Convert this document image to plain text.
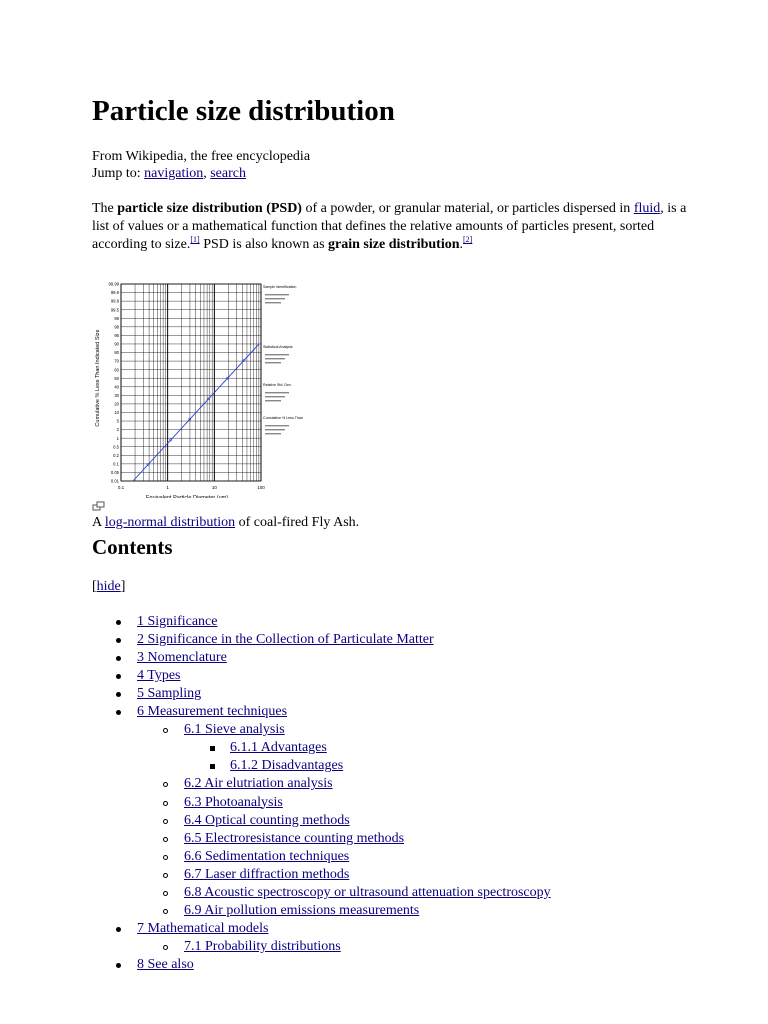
Particle size distribution
From Wikipedia, the free encyclopedia
Jump to: navigation, search
The particle size distribution (PSD) of a powder, or granular material, or particles dispersed in fluid, is a list of values or a mathematical function that defines the relative amounts of particles present, sorted according to size.[1] PSD is also known as grain size distribution.[2]
99.99
99.9
99.8
99.5
99
98
95
90
80
70
60
50
40
30
20
10
5
2
1
0.5
0.2
0.1
0.05
0.01
0.1	1	10	100
Sample Identification
Statistical Analysis
Relative Std. Dev.
Cumulative % Less Than
Equivalent Particle Diameter (um)
Cumulative % Less Than Indicated Size
A log-normal distribution of coal-fired Fly Ash.
Contents
[hide]
1 Significance
2 Significance in the Collection of Particulate Matter
3 Nomenclature
4 Types
5 Sampling
6 Measurement techniques
6.1 Sieve analysis
6.1.1 Advantages
6.1.2 Disadvantages
6.2 Air elutriation analysis
6.3 Photoanalysis
6.4 Optical counting methods
6.5 Electroresistance counting methods
6.6 Sedimentation techniques
6.7 Laser diffraction methods
6.8 Acoustic spectroscopy or ultrasound attenuation spectroscopy
6.9 Air pollution emissions measurements
7 Mathematical models
7.1 Probability distributions
8 See also
